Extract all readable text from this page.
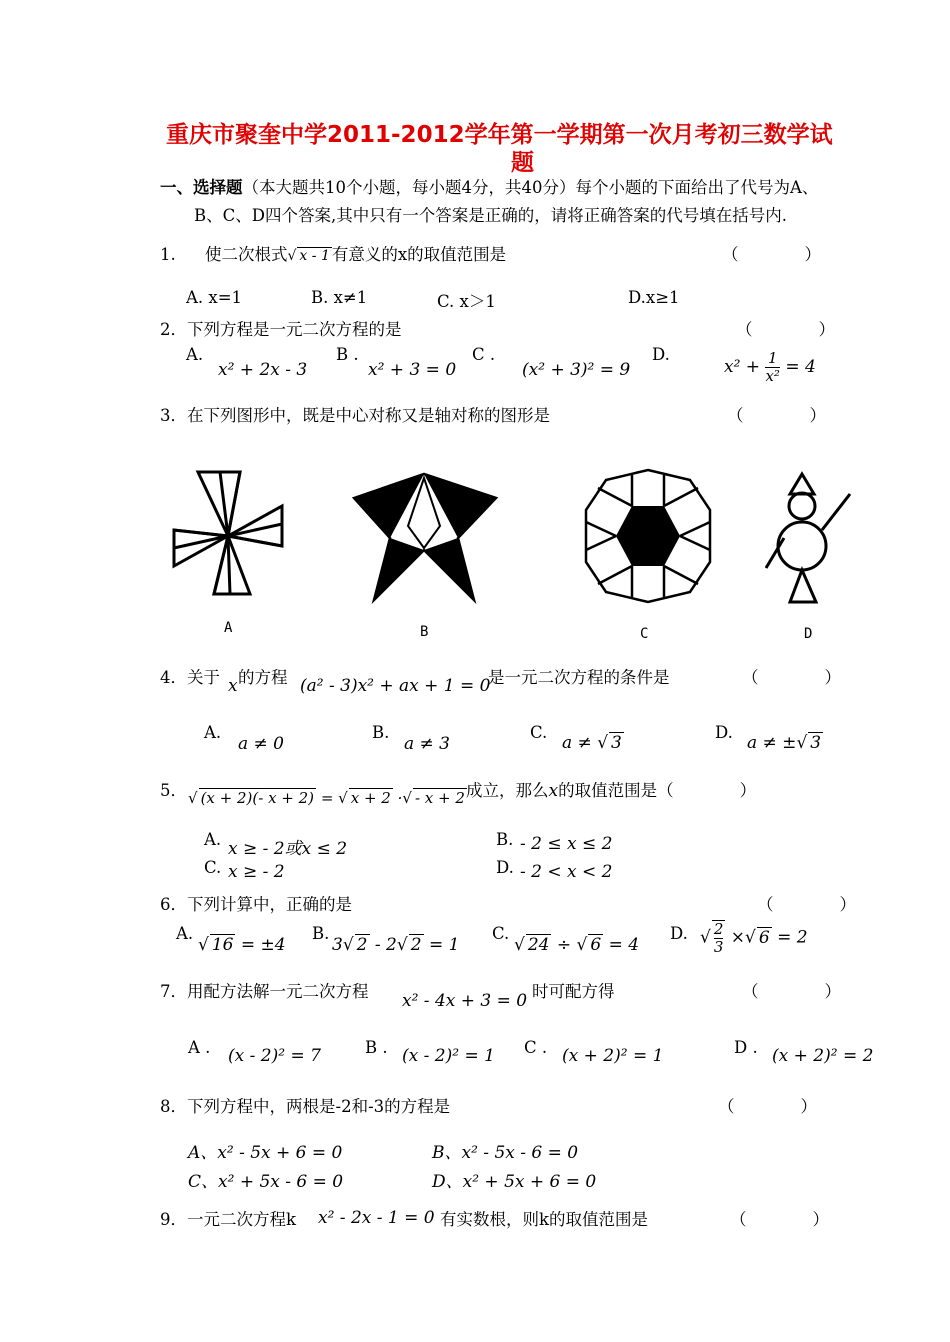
重庆市聚奎中学2011-2012学年第一学期第一次月考初三数学试
题
一、选择题（本大题共10个小题，每小题4分，共40分）每个小题的下面给出了代号为A、
B、C、D四个答案,其中只有一个答案是正确的，请将正确答案的代号填在括号内.
1. 使二次根式√ x - 1 有意义的x的取值范围是	（　　　　）
A. x=1	B. x≠1	C. x＞1	D.x≥1
2．下列方程是一元二次方程的是	（　　　　）
A.
x² + 2x - 3
B .
x² + 3 = 0
C .
(x² + 3)² = 9
D.
$x^2 + \frac{1}{\text{x²}} = 4$
3．在下列图形中，既是中心对称又是轴对称的图形是	（　　　　）
A	B	C	D
4．关于 x 的方程 (a² - 3)x² + ax + 1 = 0
是一元二次方程的条件是	（　　　　）
A.
a ≠ 0
B.
a ≠ 3
C.
a ≠ √ 3
D.
a ≠ ±√ 3
5． √ (x + 2)(- x + 2) = √ x + 2 ·√ - x + 2 成立，那么x的取值范围是（　　　　）
A. x ≥ - 2或x ≤ 2	B. - 2 ≤ x ≤ 2
C. x ≥ - 2	D. - 2 < x < 2
6．下列计算中，正确的是	（　　　　）
A.
√ 16 = ±4
B.
3√ 2 - 2√ 2 = 1
C.
√ 24 ÷ √ 6 = 4
D. √ $\frac{2}{3}$ ×√ 6 = 2
7．用配方法解一元二次方程 x² - 4x + 3 = 0 时可配方得	（　　　　）
A . (x - 2)² = 7	B . (x - 2)² = 1 C . (x + 2)² = 1	D . (x + 2)² = 2
8．下列方程中，两根是-2和-3的方程是	（　　　　）
A、x² - 5x + 6 = 0	B、x² - 5x - 6 = 0
C、x² + 5x - 6 = 0	D、x² + 5x + 6 = 0
9．一元二次方程k x² - 2x - 1 = 0 有实数根，则k的取值范围是	（　　　　）
